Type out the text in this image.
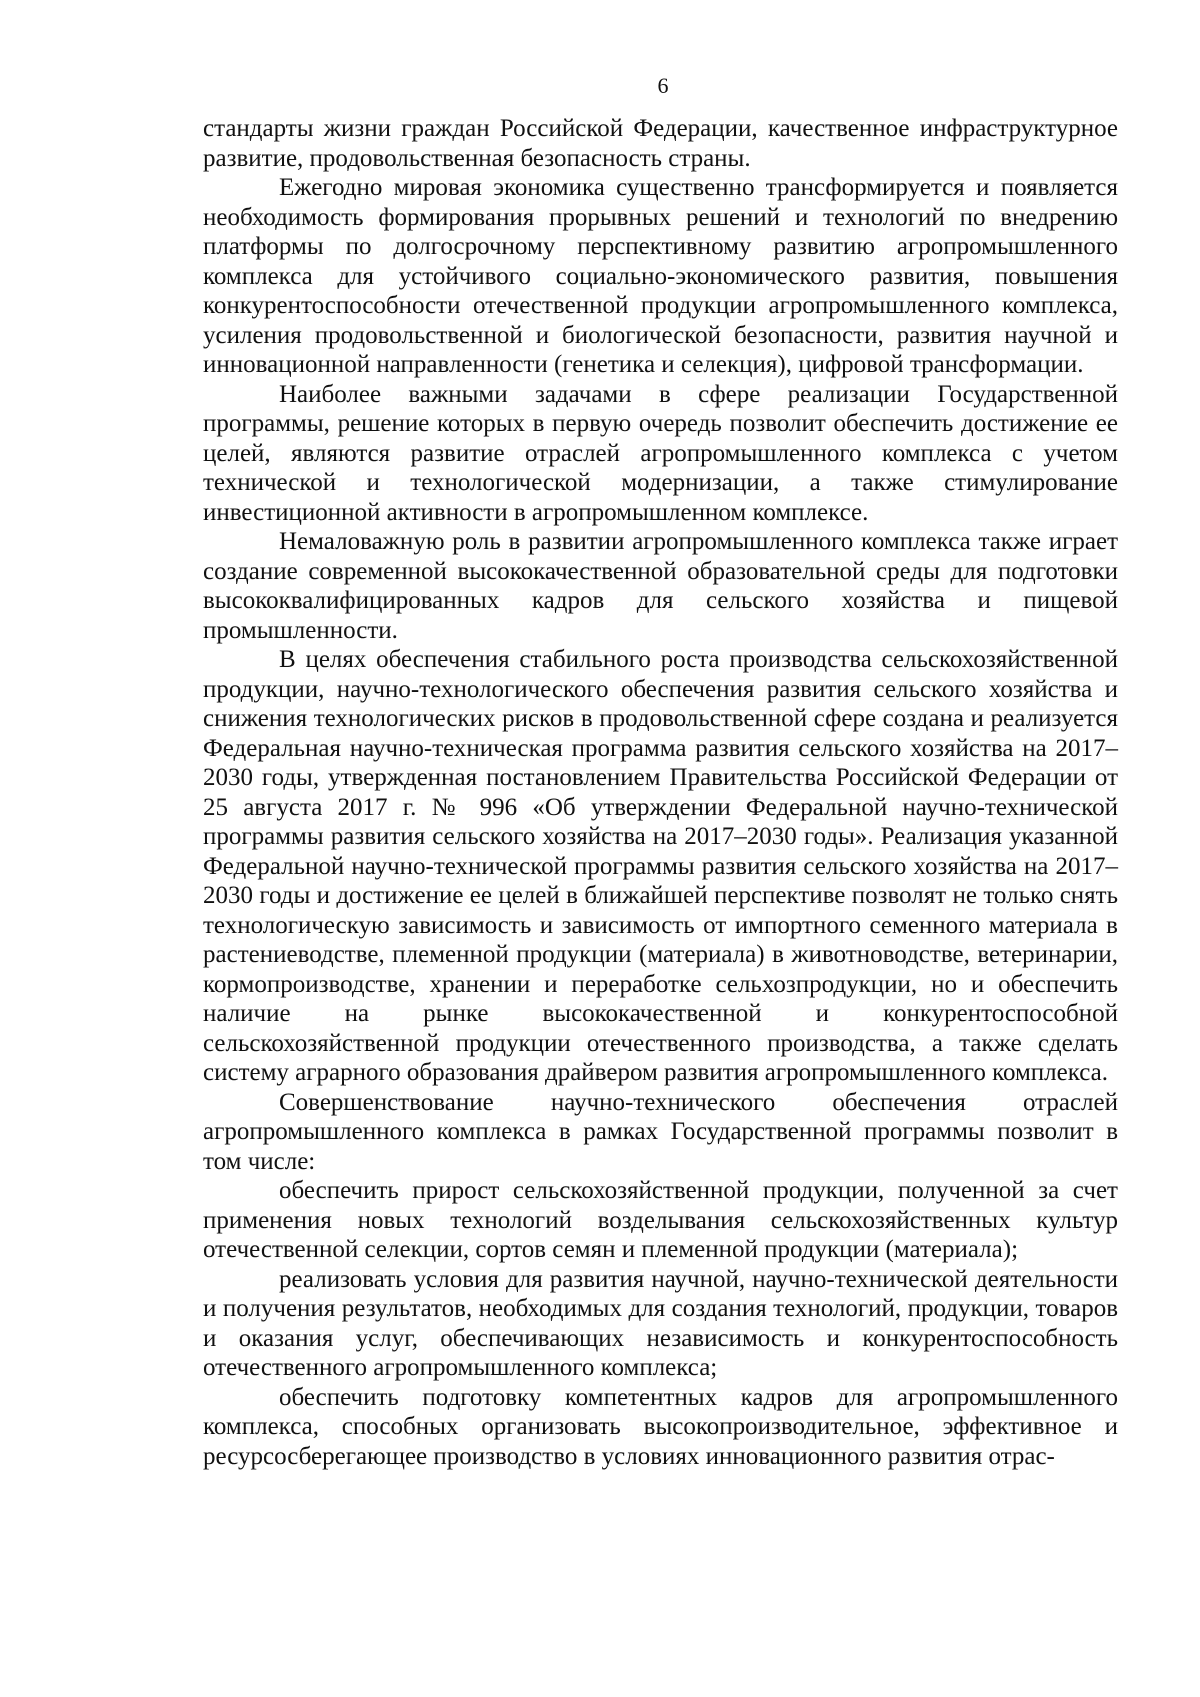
6

стандарты жизни граждан Российской Федерации, качественное инфраструктурное развитие, продовольственная безопасность страны.

Ежегодно мировая экономика существенно трансформируется и появляется необходимость формирования прорывных решений и технологий по внедрению платформы по долгосрочному перспективному развитию агропромышленного комплекса для устойчивого социально-экономического развития, повышения конкурентоспособности отечественной продукции агропромышленного комплекса, усиления продовольственной и биологической безопасности, развития научной и инновационной направленности (генетика и селекция), цифровой трансформации.

Наиболее важными задачами в сфере реализации Государственной программы, решение которых в первую очередь позволит обеспечить достижение ее целей, являются развитие отраслей агропромышленного комплекса с учетом технической и технологической модернизации, а также стимулирование инвестиционной активности в агропромышленном комплексе.

Немаловажную роль в развитии агропромышленного комплекса также играет создание современной высококачественной образовательной среды для подготовки высококвалифицированных кадров для сельского хозяйства и пищевой промышленности.

В целях обеспечения стабильного роста производства сельскохозяйственной продукции, научно-технологического обеспечения развития сельского хозяйства и снижения технологических рисков в продовольственной сфере создана и реализуется Федеральная научно-техническая программа развития сельского хозяйства на 2017–2030 годы, утвержденная постановлением Правительства Российской Федерации от 25 августа 2017 г. № 996 «Об утверждении Федеральной научно-технической программы развития сельского хозяйства на 2017–2030 годы». Реализация указанной Федеральной научно-технической программы развития сельского хозяйства на 2017–2030 годы и достижение ее целей в ближайшей перспективе позволят не только снять технологическую зависимость и зависимость от импортного семенного материала в растениеводстве, племенной продукции (материала) в животноводстве, ветеринарии, кормопроизводстве, хранении и переработке сельхозпродукции, но и обеспечить наличие на рынке высококачественной и конкурентоспособной сельскохозяйственной продукции отечественного производства, а также сделать систему аграрного образования драйвером развития агропромышленного комплекса.

Совершенствование научно-технического обеспечения отраслей агропромышленного комплекса в рамках Государственной программы позволит в том числе:

обеспечить прирост сельскохозяйственной продукции, полученной за счет применения новых технологий возделывания сельскохозяйственных культур отечественной селекции, сортов семян и племенной продукции (материала);

реализовать условия для развития научной, научно-технической деятельности и получения результатов, необходимых для создания технологий, продукции, товаров и оказания услуг, обеспечивающих независимость и конкурентоспособность отечественного агропромышленного комплекса;

обеспечить подготовку компетентных кадров для агропромышленного комплекса, способных организовать высокопроизводительное, эффективное и ресурсосберегающее производство в условиях инновационного развития отрас-
